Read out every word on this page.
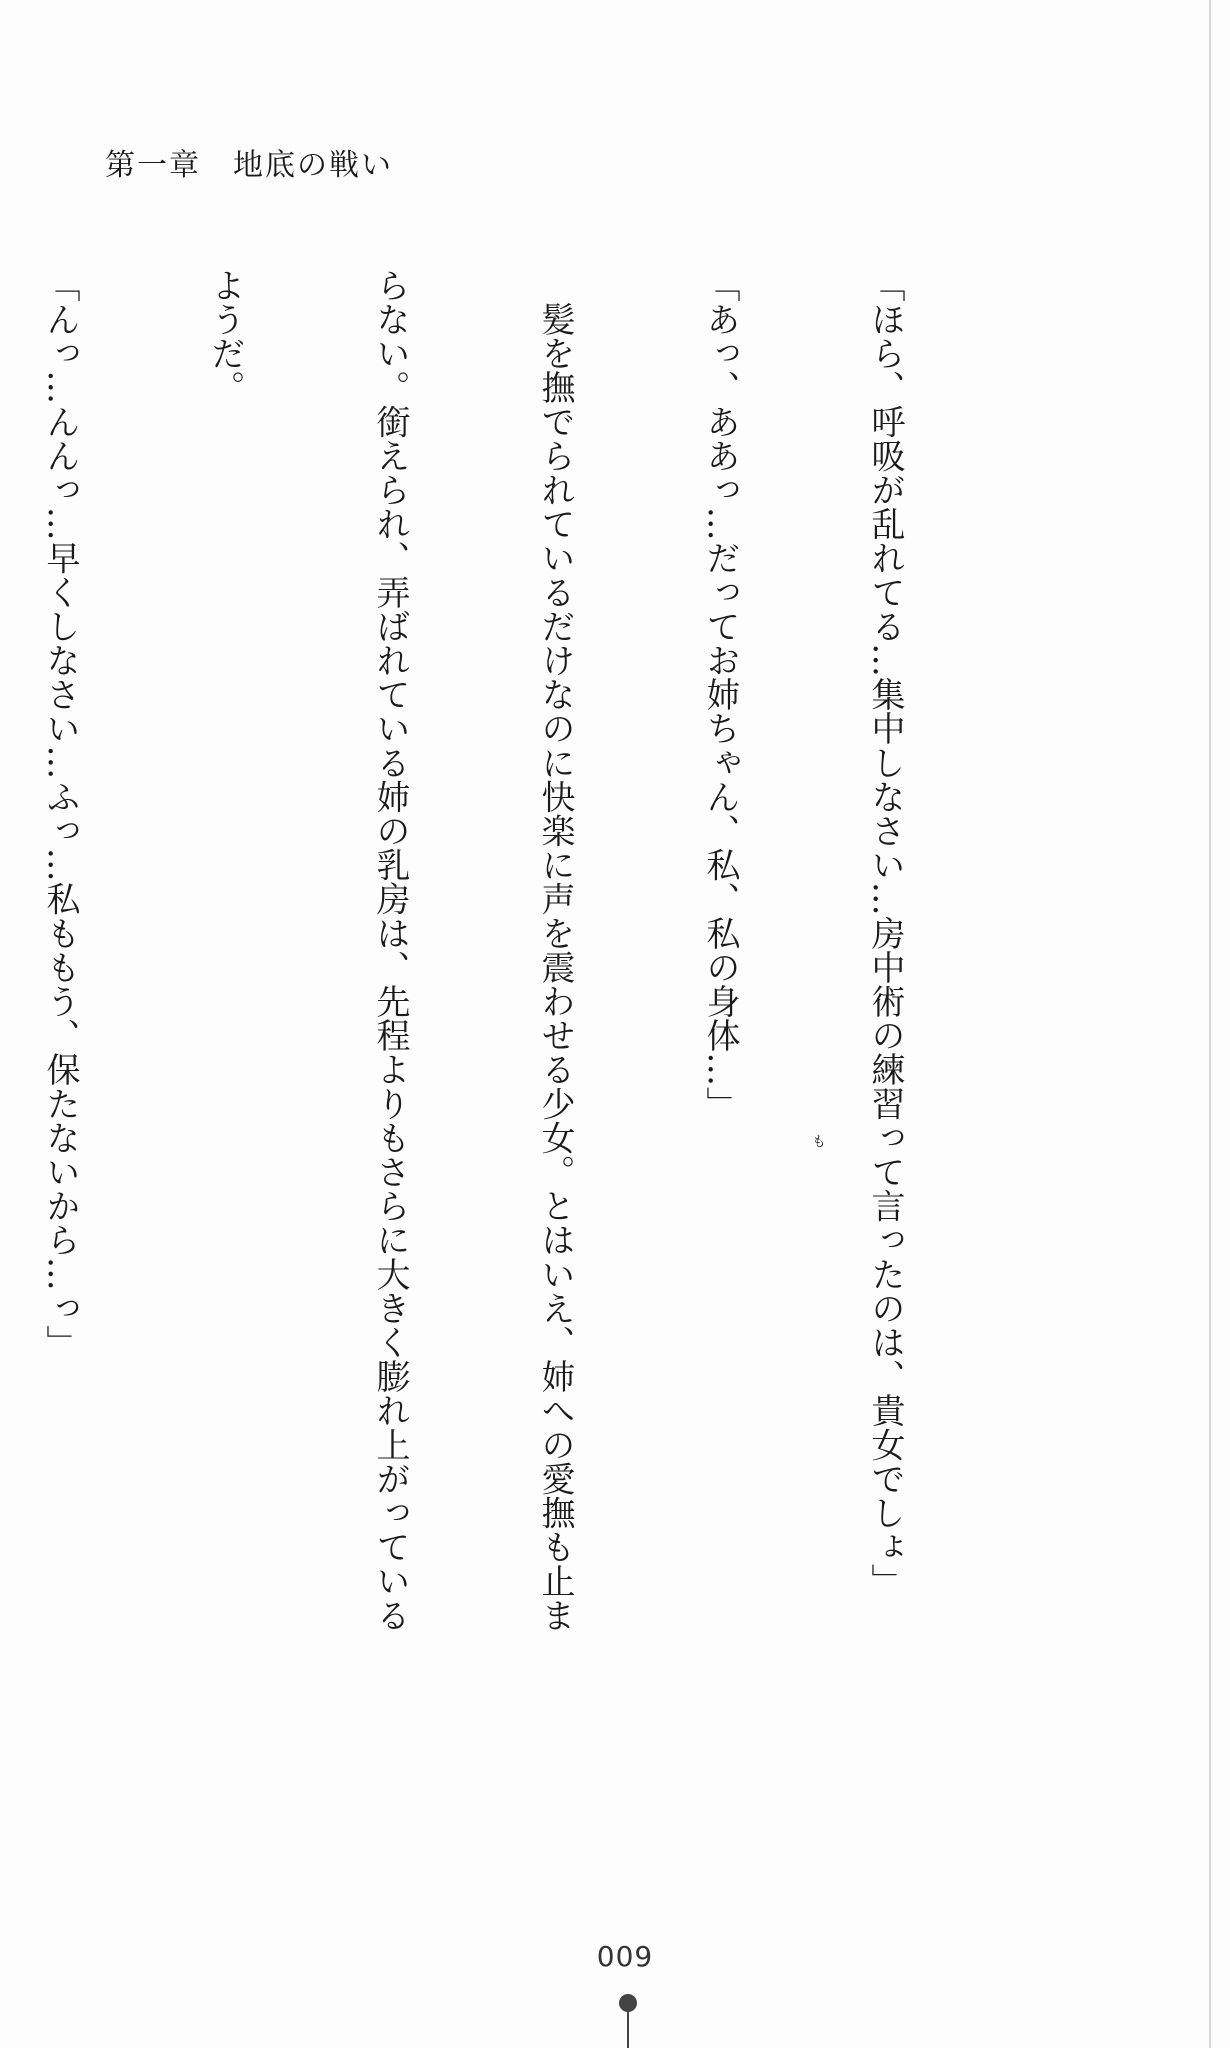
第一章　地底の戦い

「ほら、呼吸が乱れてる…集中しなさい…房中術の練習って言ったのは、貴女でしょ」

「あっ、ああっ…だってお姉ちゃん、私、私の身体…」

　髪を撫でられているだけなのに快楽に声を震わせる少女。とはいえ、姉への愛撫も止ま

らない。銜えられ、弄ばれている姉の乳房は、先程よりもさらに大きく膨れ上がっている

ようだ。

「んっ…んんっ…早くしなさい…ふっ…私ももう、保たないから…っ」

	も
009
